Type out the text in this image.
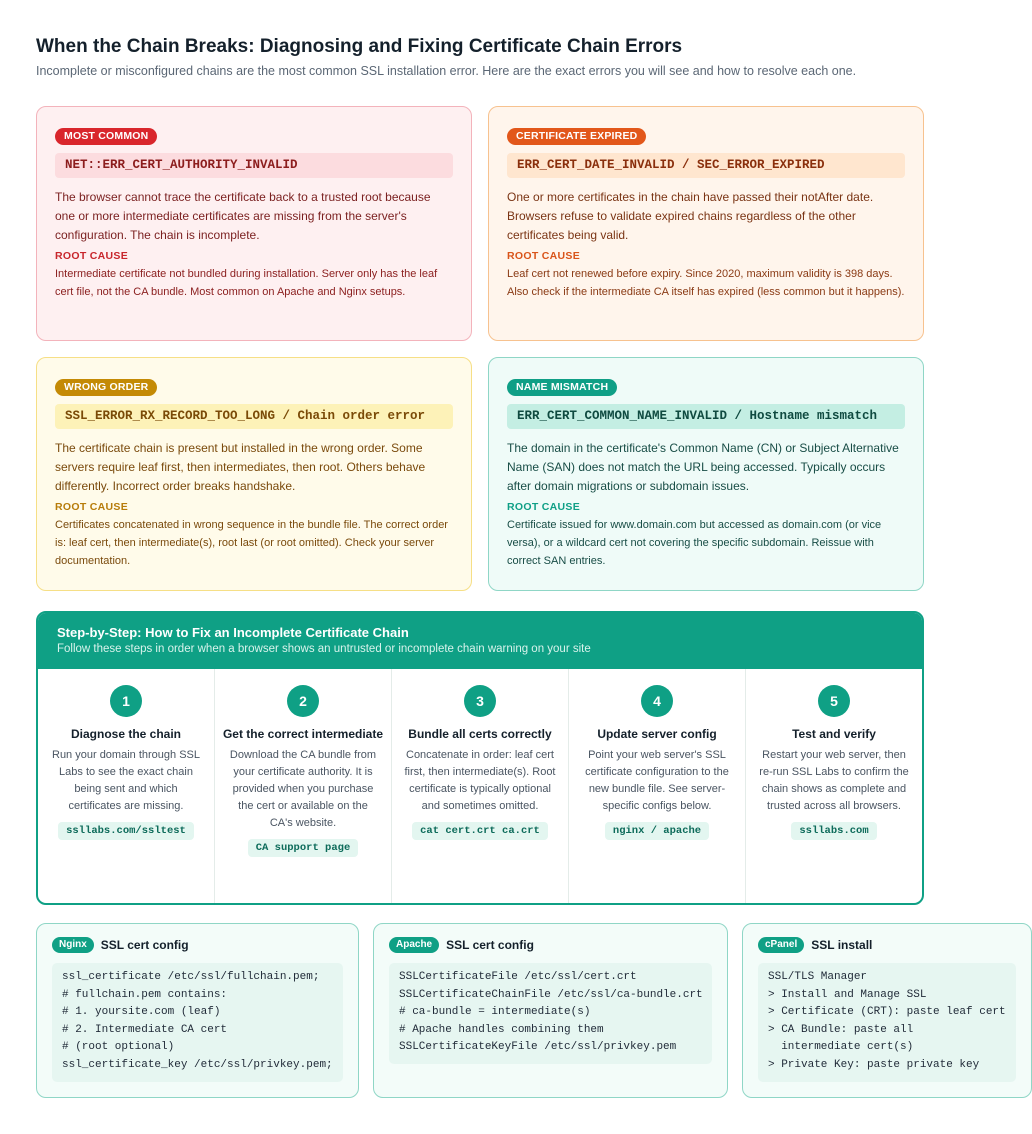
When the Chain Breaks: Diagnosing and Fixing Certificate Chain Errors

Incomplete or misconfigured chains are the most common SSL installation error. Here are the exact errors you will see and how to resolve each one.

MOST COMMON
NET::ERR_CERT_AUTHORITY_INVALID

The browser cannot trace the certificate back to a trusted root because one or more intermediate certificates are missing from the server's configuration. The chain is incomplete.

ROOT CAUSE

Intermediate certificate not bundled during installation. Server only has the leaf cert file, not the CA bundle. Most common on Apache and Nginx setups.

CERTIFICATE EXPIRED
ERR_CERT_DATE_INVALID / SEC_ERROR_EXPIRED

One or more certificates in the chain have passed their notAfter date. Browsers refuse to validate expired chains regardless of the other certificates being valid.

ROOT CAUSE

Leaf cert not renewed before expiry. Since 2020, maximum validity is 398 days. Also check if the intermediate CA itself has expired (less common but it happens).

WRONG ORDER
SSL_ERROR_RX_RECORD_TOO_LONG / Chain order error

The certificate chain is present but installed in the wrong order. Some servers require leaf first, then intermediates, then root. Others behave differently. Incorrect order breaks handshake.

ROOT CAUSE

Certificates concatenated in wrong sequence in the bundle file. The correct order is: leaf cert, then intermediate(s), root last (or root omitted). Check your server documentation.

NAME MISMATCH
ERR_CERT_COMMON_NAME_INVALID / Hostname mismatch

The domain in the certificate's Common Name (CN) or Subject Alternative Name (SAN) does not match the URL being accessed. Typically occurs after domain migrations or subdomain issues.

ROOT CAUSE

Certificate issued for www.domain.com but accessed as domain.com (or vice versa), or a wildcard cert not covering the specific subdomain. Reissue with correct SAN entries.

Step-by-Step: How to Fix an Incomplete Certificate Chain
Follow these steps in order when a browser shows an untrusted or incomplete chain warning on your site
1
Diagnose the chain

Run your domain through SSL Labs to see the exact chain being sent and which certificates are missing.

ssllabs.com/ssltest
2
Get the correct intermediate

Download the CA bundle from your certificate authority. It is provided when you purchase the cert or available on the CA's website.

CA support page
3
Bundle all certs correctly

Concatenate in order: leaf cert first, then intermediate(s). Root certificate is typically optional and sometimes omitted.

cat cert.crt ca.crt
4
Update server config

Point your web server's SSL certificate configuration to the new bundle file. See server-specific configs below.

nginx / apache
5
Test and verify

Restart your web server, then re-run SSL Labs to confirm the chain shows as complete and trusted across all browsers.

ssllabs.com
Nginx	SSL cert config
ssl_certificate /etc/ssl/fullchain.pem;
# fullchain.pem contains:
# 1. yoursite.com (leaf)
# 2. Intermediate CA cert
# (root optional)
ssl_certificate_key /etc/ssl/privkey.pem;
Apache	SSL cert config
SSLCertificateFile /etc/ssl/cert.crt
SSLCertificateChainFile /etc/ssl/ca-bundle.crt
# ca-bundle = intermediate(s)
# Apache handles combining them
SSLCertificateKeyFile /etc/ssl/privkey.pem
cPanel	SSL install
SSL/TLS Manager
> Install and Manage SSL
> Certificate (CRT): paste leaf cert
> CA Bundle: paste all
intermediate cert(s)
> Private Key: paste private key
